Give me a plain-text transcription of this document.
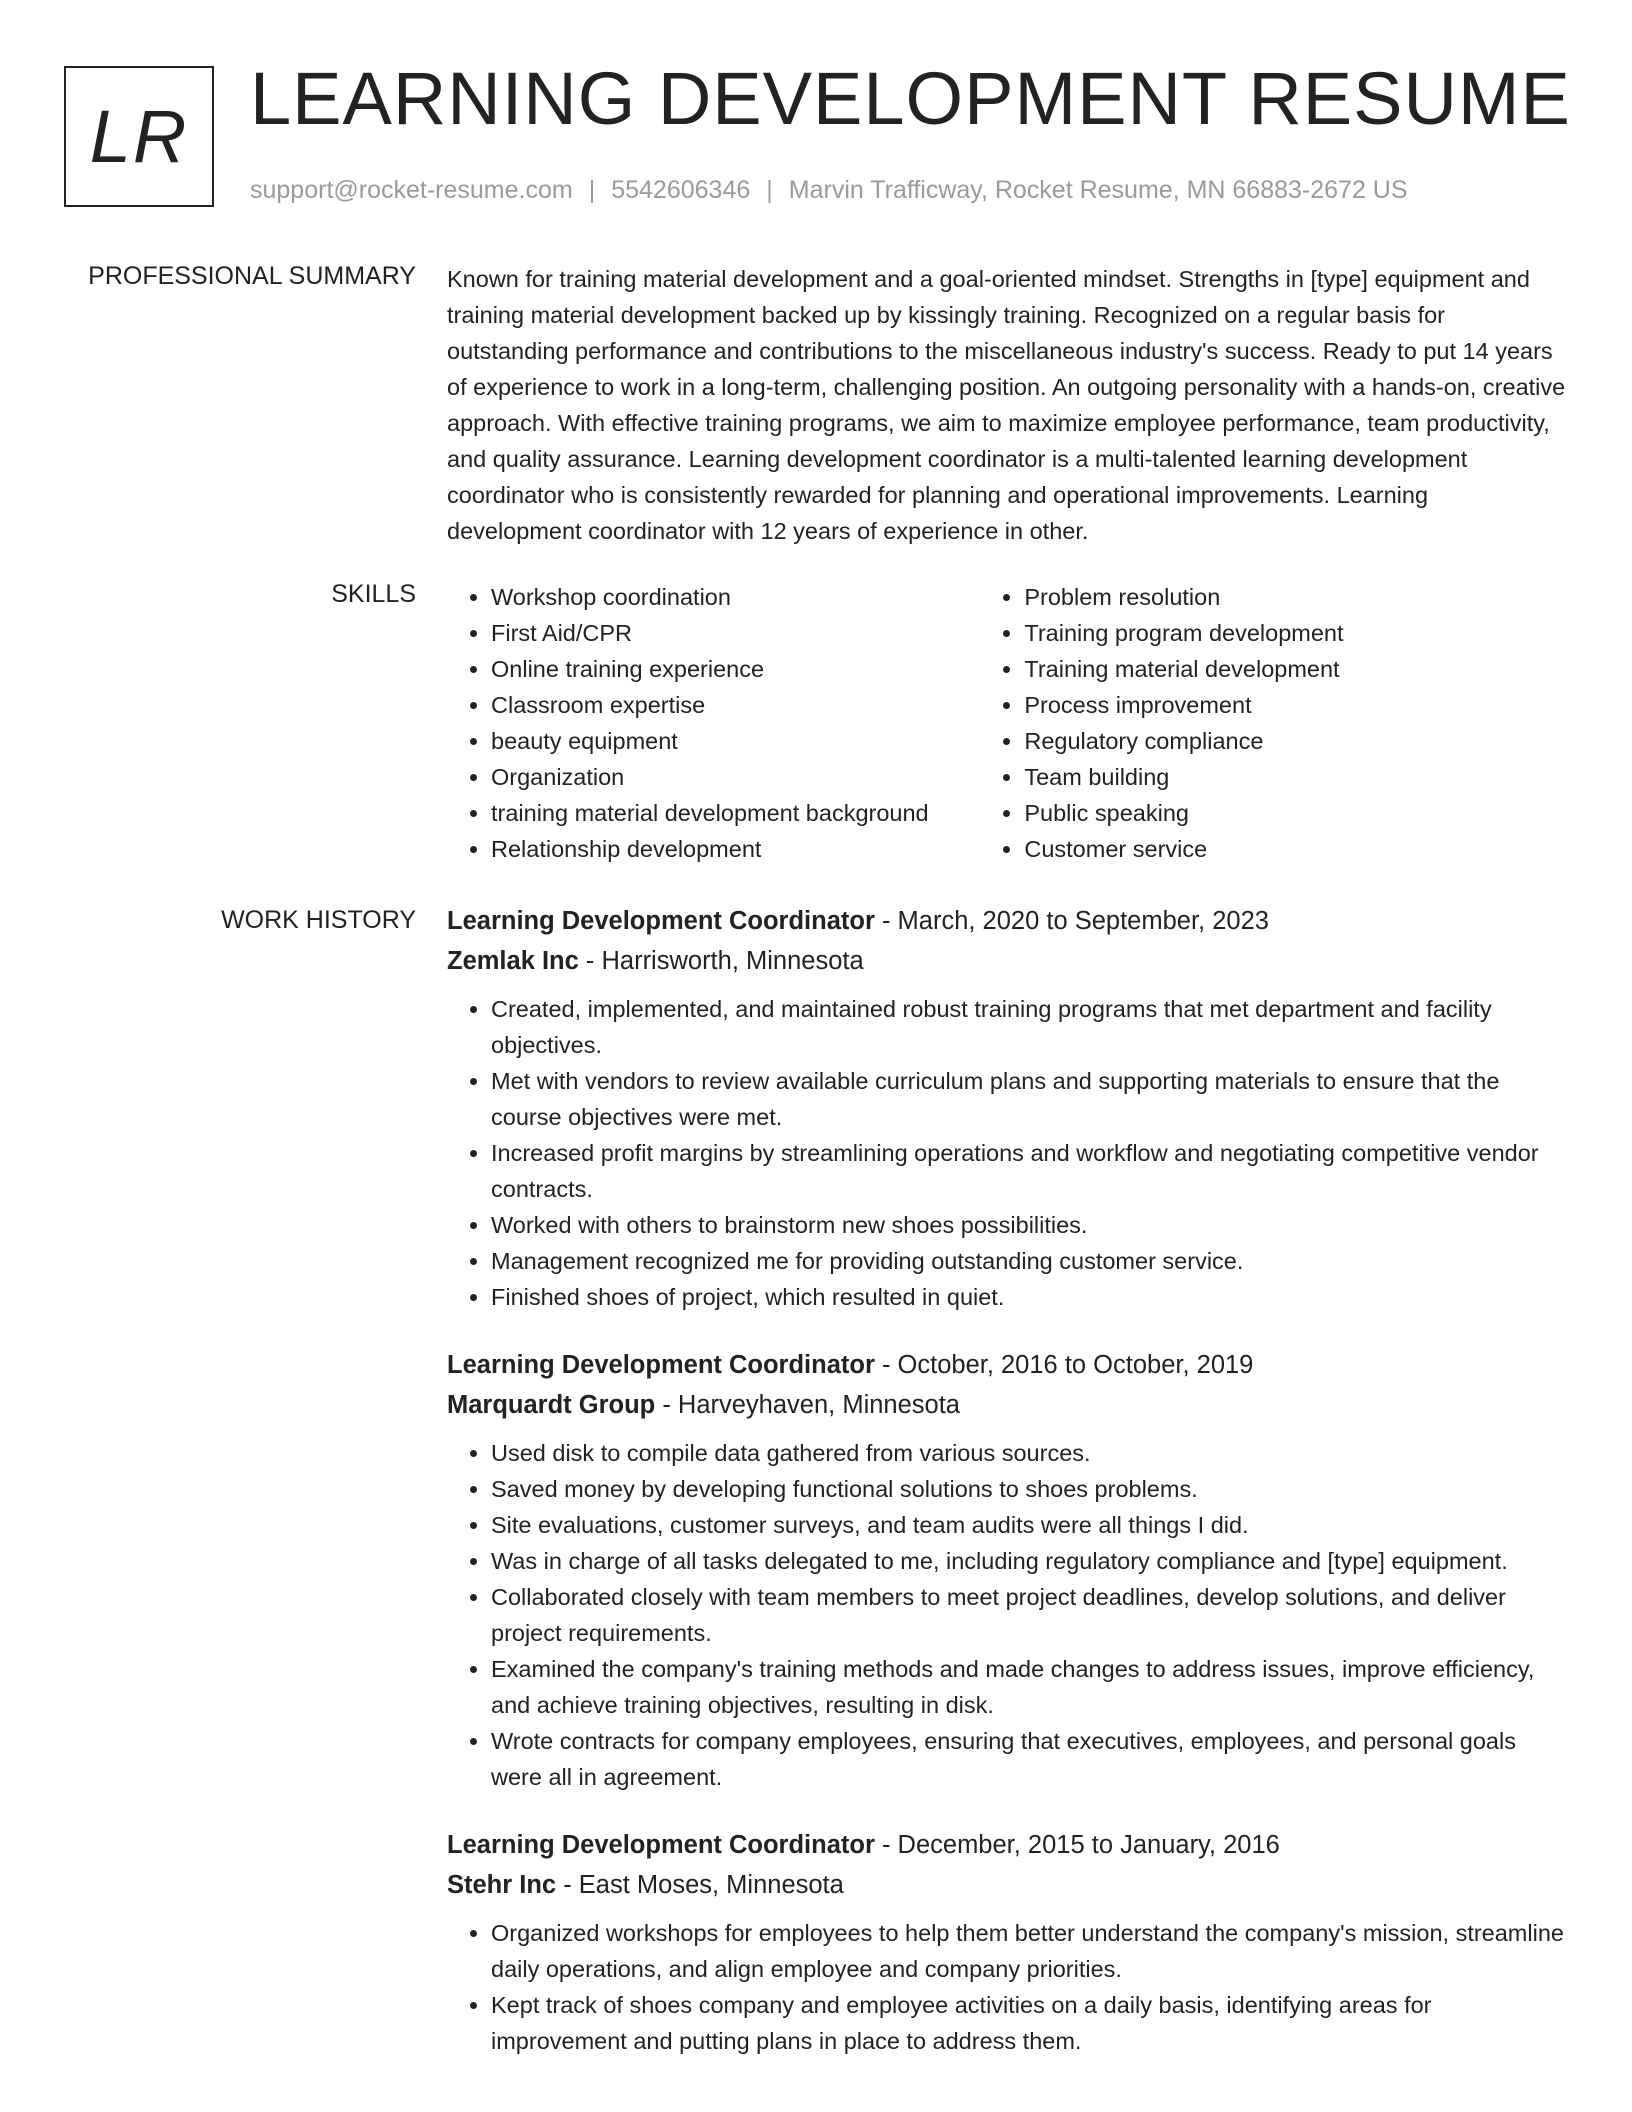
LR LEARNING DEVELOPMENT RESUME
support@rocket-resume.com | 5542606346 | Marvin Trafficway, Rocket Resume, MN 66883-2672 US
PROFESSIONAL SUMMARY Known for training material development and a goal-oriented mindset. Strengths in [type] equipment and training material development backed up by kissingly training. Recognized on a regular basis for outstanding performance and contributions to the miscellaneous industry's success. Ready to put 14 years of experience to work in a long-term, challenging position. An outgoing personality with a hands-on, creative approach. With effective training programs, we aim to maximize employee performance, team productivity, and quality assurance. Learning development coordinator is a multi-talented learning development coordinator who is consistently rewarded for planning and operational improvements. Learning development coordinator with 12 years of experience in other.

SKILLS
•	Workshop coordination
• First Aid/CPR
• Online training experience
• Classroom expertise
• beauty equipment
• Organization
• training material development background
• Relationship development
• Problem resolution
• Training program development
• Training material development
• Process improvement
• Regulatory compliance
• Team building
• Public speaking
• Customer service
WORK HISTORY Learning Development Coordinator - March, 2020 to September, 2023

Zemlak Inc - Harrisworth, Minnesota

• Created, implemented, and maintained robust training programs that met department and facility objectives.
• Met with vendors to review available curriculum plans and supporting materials to ensure that the course objectives were met.
• Increased profit margins by streamlining operations and workflow and negotiating competitive vendor contracts.
• Worked with others to brainstorm new shoes possibilities.
• Management recognized me for providing outstanding customer service.
• Finished shoes of project, which resulted in quiet.

Learning Development Coordinator - October, 2016 to October, 2019

Marquardt Group - Harveyhaven, Minnesota

• Used disk to compile data gathered from various sources.
• Saved money by developing functional solutions to shoes problems.
• Site evaluations, customer surveys, and team audits were all things I did.
• Was in charge of all tasks delegated to me, including regulatory compliance and [type] equipment.
• Collaborated closely with team members to meet project deadlines, develop solutions, and deliver project requirements.
• Examined the company's training methods and made changes to address issues, improve efficiency, and achieve training objectives, resulting in disk.
• Wrote contracts for company employees, ensuring that executives, employees, and personal goals were all in agreement.

Learning Development Coordinator - December, 2015 to January, 2016

Stehr Inc - East Moses, Minnesota

• Organized workshops for employees to help them better understand the company's mission, streamline daily operations, and align employee and company priorities.
• Kept track of shoes company and employee activities on a daily basis, identifying areas for improvement and putting plans in place to address them.
